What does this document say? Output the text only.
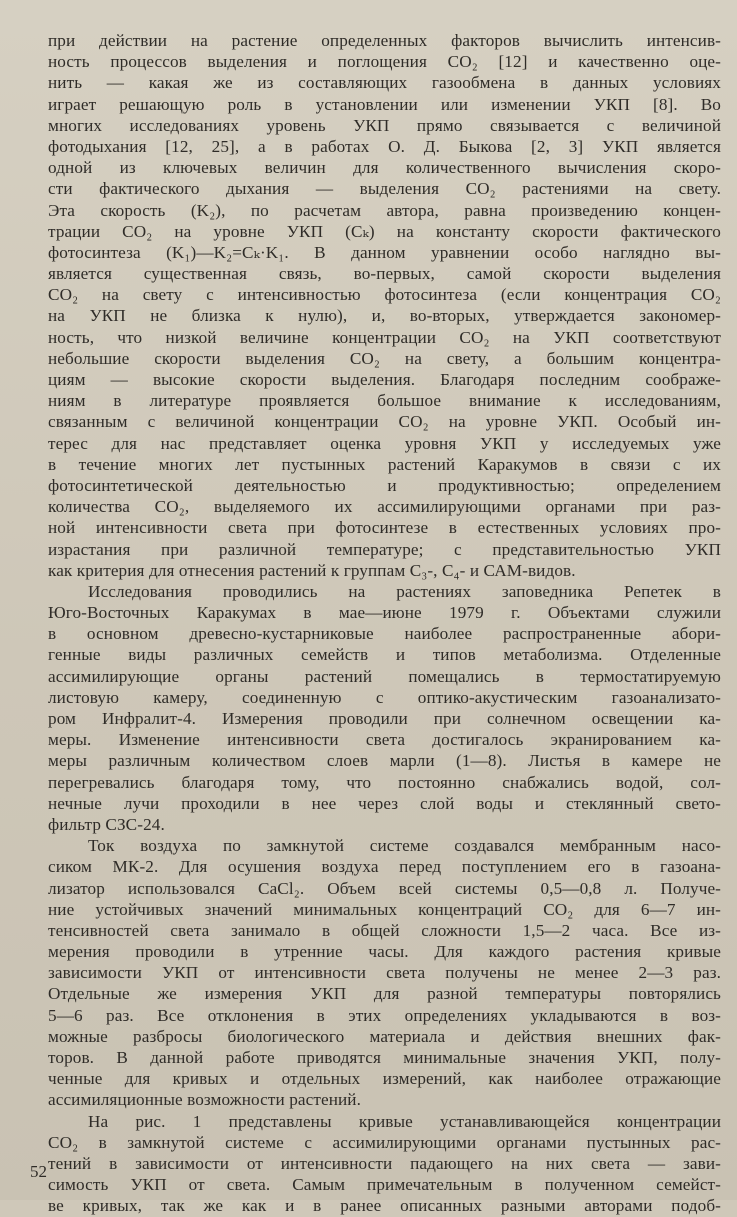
при действии на растение определенных факторов вычислить интенсив-
ность процессов выделения и поглощения CO₂ [12] и качественно оце-
нить — какая же из составляющих газообмена в данных условиях
играет решающую роль в установлении или изменении УКП [8]. Во
многих исследованиях уровень УКП прямо связывается с величиной
фотодыхания [12, 25], а в работах О. Д. Быкова [2, 3] УКП является
одной из ключевых величин для количественного вычисления скоро-
сти фактического дыхания — выделения CO₂ растениями на свету.
Эта скорость (K₂), по расчетам автора, равна произведению концен-
трации CO₂ на уровне УКП (Cₖ) на константу скорости фактического
фотосинтеза (K₁)—K₂=Cₖ·K₁. В данном уравнении особо наглядно вы-
является существенная связь, во-первых, самой скорости выделения
CO₂ на свету с интенсивностью фотосинтеза (если концентрация CO₂
на УКП не близка к нулю), и, во-вторых, утверждается закономер-
ность, что низкой величине концентрации CO₂ на УКП соответствуют
небольшие скорости выделения CO₂ на свету, а большим концентра-
циям — высокие скорости выделения. Благодаря последним соображе-
ниям в литературе проявляется большое внимание к исследованиям,
связанным с величиной концентрации CO₂ на уровне УКП. Особый ин-
терес для нас представляет оценка уровня УКП у исследуемых уже
в течение многих лет пустынных растений Каракумов в связи с их
фотосинтетической деятельностью и продуктивностью; определением
количества CO₂, выделяемого их ассимилирующими органами при раз-
ной интенсивности света при фотосинтезе в естественных условиях про-
израстания при различной температуре; с представительностью УКП
как критерия для отнесения растений к группам C₃-, C₄- и САМ-видов.
Исследования проводились на растениях заповедника Репетек в
Юго-Восточных Каракумах в мае—июне 1979 г. Объектами служили
в основном древесно-кустарниковые наиболее распространенные абори-
генные виды различных семейств и типов метаболизма. Отделенные
ассимилирующие органы растений помещались в термостатируемую
листовую камеру, соединенную с оптико-акустическим газоанализато-
ром Инфралит-4. Измерения проводили при солнечном освещении ка-
меры. Изменение интенсивности света достигалось экранированием ка-
меры различным количеством слоев марли (1—8). Листья в камере не
перегревались благодаря тому, что постоянно снабжались водой, сол-
нечные лучи проходили в нее через слой воды и стеклянный свето-
фильтр СЗС-24.
Ток воздуха по замкнутой системе создавался мембранным насо-
сиком МК-2. Для осушения воздуха перед поступлением его в газоана-
лизатор использовался CaCl₂. Объем всей системы 0,5—0,8 л. Получе-
ние устойчивых значений минимальных концентраций CO₂ для 6—7 ин-
тенсивностей света занимало в общей сложности 1,5—2 часа. Все из-
мерения проводили в утренние часы. Для каждого растения кривые
зависимости УКП от интенсивности света получены не менее 2—3 раз.
Отдельные же измерения УКП для разной температуры повторялись
5—6 раз. Все отклонения в этих определениях укладываются в воз-
можные разбросы биологического материала и действия внешних фак-
торов. В данной работе приводятся минимальные значения УКП, полу-
ченные для кривых и отдельных измерений, как наиболее отражающие
ассимиляционные возможности растений.
На рис. 1 представлены кривые устанавливающейся концентрации
CO₂ в замкнутой системе с ассимилирующими органами пустынных рас-
тений в зависимости от интенсивности падающего на них света — зави-
симость УКП от света. Самым примечательным в полученном семейст-
ве кривых, так же как и в ранее описанных разными авторами подоб-
52
